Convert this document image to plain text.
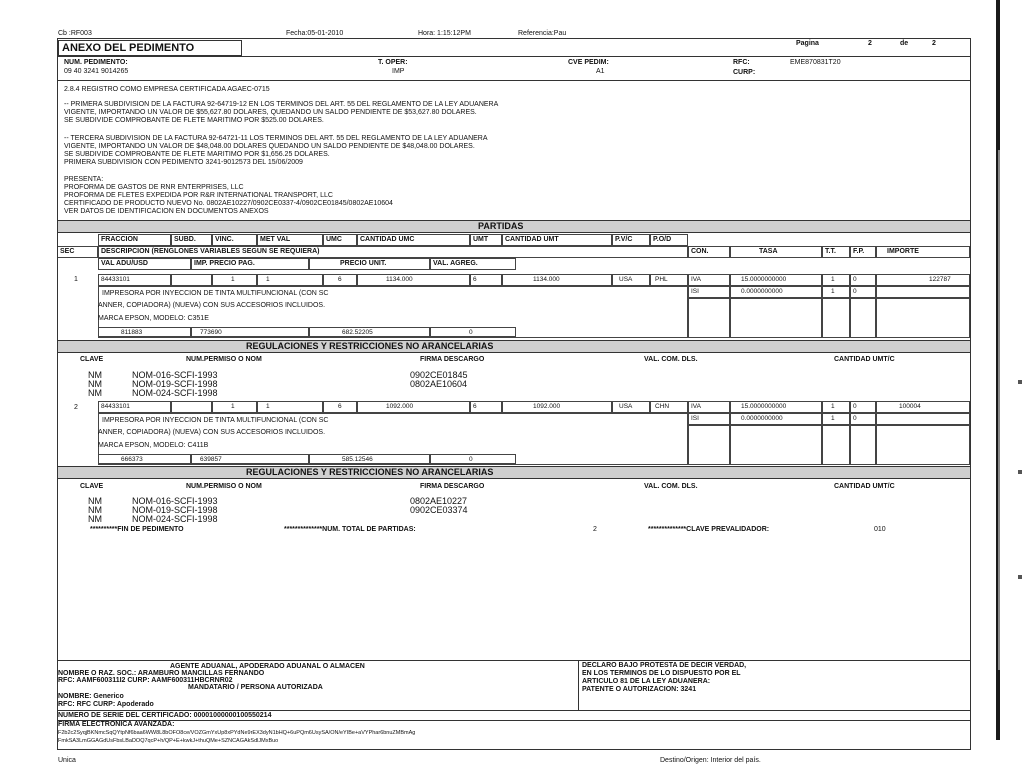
Cb :RF003	Fecha:05-01-2010	Hora: 1:15:12PM	Referencia:Pau
ANEXO DEL PEDIMENTO	Pagina	2	de	2
NUM. PEDIMENTO:
09 40 3241 9014265
T. OPER:
IMP
CVE PEDIM:
A1
RFC:	EME870831T20
CURP:
2.8.4 REGISTRO COMO EMPRESA CERTIFICADA AGAEC-0715
-- PRIMERA SUBDIVISION DE LA FACTURA 92-64719-12 EN LOS TERMINOS DEL ART. 55 DEL REGLAMENTO DE LA LEY ADUANERA
VIGENTE, IMPORTANDO UN VALOR DE $55,627.80 DOLARES, QUEDANDO UN SALDO PENDIENTE DE $53,627.80 DOLARES.
SE SUBDIVIDE COMPROBANTE DE FLETE MARITIMO POR $525.00 DOLARES.
-- TERCERA SUBDIVISION DE LA FACTURA 92-64721-11 LOS TERMINOS DEL ART. 55 DEL REGLAMENTO DE LA LEY ADUANERA
VIGENTE, IMPORTANDO UN VALOR DE $48,048.00 DOLARES QUEDANDO UN SALDO PENDIENTE DE $48,048.00 DOLARES.
SE SUBDIVIDE COMPROBANTE DE FLETE MARITIMO POR $1,656.25 DOLARES.
PRIMERA SUBDIVISION CON PEDIMENTO 3241-9012573 DEL 15/06/2009
PRESENTA:
PROFORMA DE GASTOS DE RNR ENTERPRISES, LLC
PROFORMA DE FLETES EXPEDIDA POR R&R INTERNATIONAL TRANSPORT, LLC
CERTIFICADO DE PRODUCTO NUEVO No. 0802AE10227/0902CE0337-4/0902CE01845/0802AE10604
VER DATOS DE IDENTIFICACION EN DOCUMENTOS ANEXOS
PARTIDAS
FRACCION	SUBD.	VINC.	MET VAL	UMC	CANTIDAD UMC	UMT	CANTIDAD UMT	P.V/C	P.O/D
SEC	DESCRIPCION (RENGLONES VARIABLES SEGUN SE REQUIERA)	CON.	TASA	T.T.	F.P.	IMPORTE
VAL ADU/USD	IMP. PRECIO PAG.	PRECIO UNIT.	VAL. AGREG.
1	84433101	1	1	6	1134.000	6	1134.000	USA	PHL	IVA	15.0000000000	1	0	122787
IMPRESORA POR INYECCION DE TINTA MULTIFUNCIONAL (CON SC
ANNER, COPIADORA) (NUEVA) CON SUS ACCESORIOS INCLUIDOS.
MARCA EPSON, MODELO: C351E
ISI	0.0000000000	1	0
811883	773690	682.52205	0
REGULACIONES Y RESTRICCIONES NO ARANCELARIAS
CLAVE	NUM.PERMISO O NOM	FIRMA DESCARGO	VAL. COM. DLS.	CANTIDAD UMT/C
NM	NOM-016-SCFI-1993	0902CE01845
NM	NOM-019-SCFI-1998	0802AE10604
NM	NOM-024-SCFI-1998
2	84433101	1	1	6	1092.000	6	1092.000	USA	CHN	IVA	15.0000000000	1	0	100004
IMPRESORA POR INYECCION DE TINTA MULTIFUNCIONAL (CON SC
ANNER, COPIADORA) (NUEVA) CON SUS ACCESORIOS INCLUIDOS.
MARCA EPSON, MODELO: C411B
ISI	0.0000000000	1	0
666373	639857	585.12546	0
REGULACIONES Y RESTRICCIONES NO ARANCELARIAS
CLAVE	NUM.PERMISO O NOM	FIRMA DESCARGO	VAL. COM. DLS.	CANTIDAD UMT/C
NM	NOM-016-SCFI-1993	0802AE10227
NM	NOM-019-SCFI-1998	0902CE03374
NM	NOM-024-SCFI-1998
**********FIN DE PEDIMENTO	**************NUM. TOTAL DE PARTIDAS:	2	**************CLAVE PREVALIDADOR:	010
AGENTE ADUANAL, APODERADO ADUANAL O ALMACEN
NOMBRE O RAZ. SOC.: ARAMBURO MANCILLAS FERNANDO
RFC: AAMF600311I2 CURP: AAMF600311HBCRNR02
MANDATARIO / PERSONA AUTORIZADA
NOMBRE: Generico
RFC: RFC CURP: Apoderado
DECLARO BAJO PROTESTA DE DECIR VERDAD,
EN LOS TERMINOS DE LO DISPUESTO POR EL
ARTICULO 81 DE LA LEY ADUANERA:
PATENTE O AUTORIZACION: 3241
NUMERO DE SERIE DEL CERTIFICADO: 00001000000100550214
FIRMA ELECTRONICA AVANZADA:
F2b2c2SyqjBKNmcSqQYtpNf6baa6WW8L8bOFO8ce/VOZGmYxUp8xPYdNe9rEX3dyN1bHQ+6uPQm6UsySA/ON/eYIBe+aVYPhar6bnuZMBmAg
FmkSA3LmGGAGdUsFbsLBaDOQ7qcP+h/QP+E+kwkJ+thuQMe+SZNCAGAkSdlJMxBuo
Unica	Destino/Origen: Interior del país.
